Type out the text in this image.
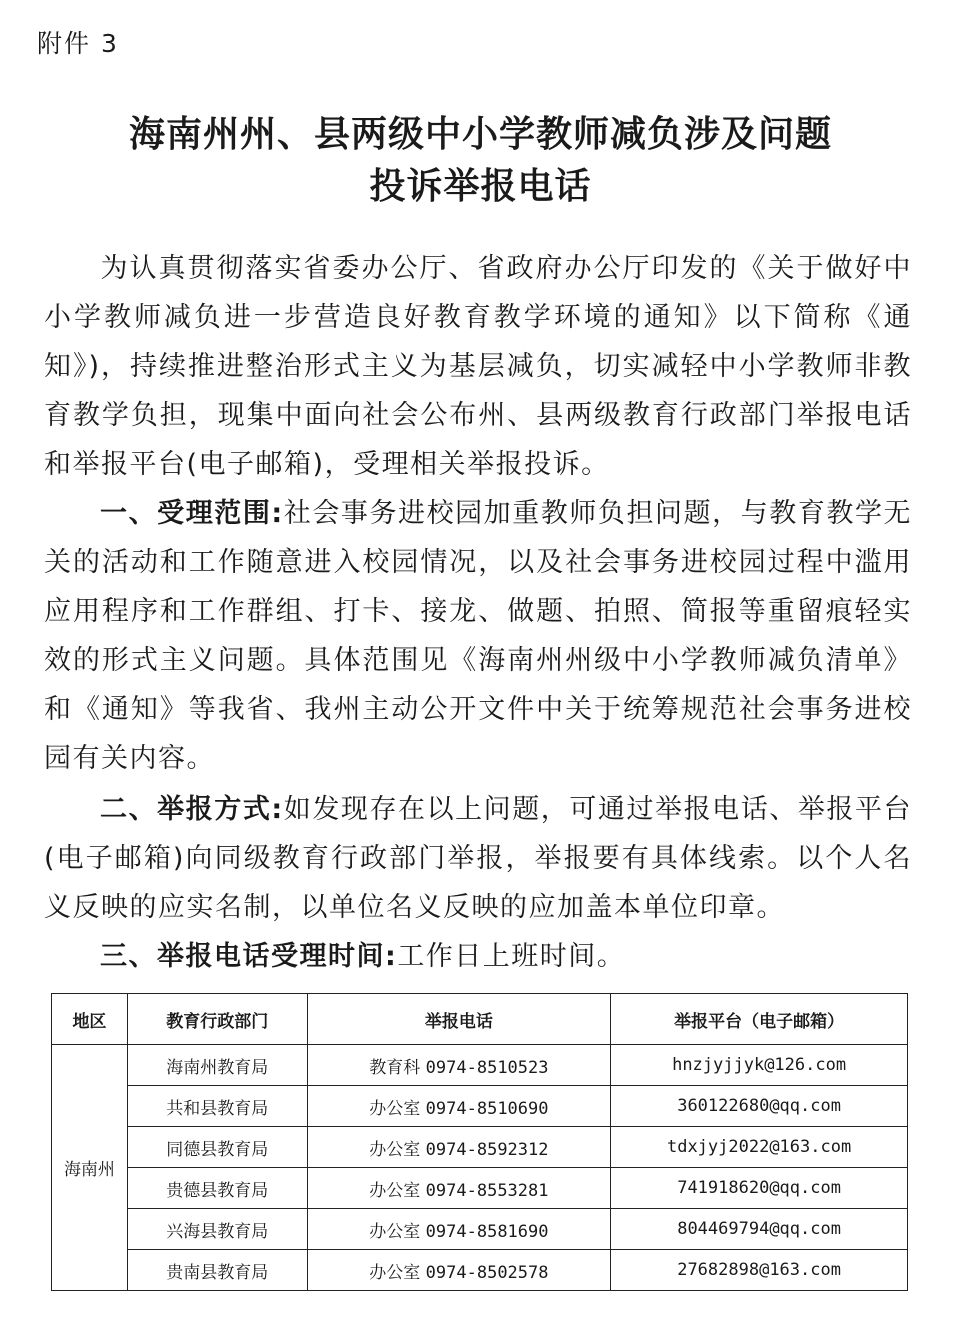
附件 3
海南州州、县两级中小学教师减负涉及问题
投诉举报电话

为认真贯彻落实省委办公厅、省政府办公厅印发的《关于做好中小学教师减负进一步营造良好教育教学环境的通知》以下简称《通知》)，持续推进整治形式主义为基层减负，切实减轻中小学教师非教育教学负担，现集中面向社会公布州、县两级教育行政部门举报电话和举报平台(电子邮箱)，受理相关举报投诉。

一、受理范围:社会事务进校园加重教师负担问题，与教育教学无关的活动和工作随意进入校园情况，以及社会事务进校园过程中滥用应用程序和工作群组、打卡、接龙、做题、拍照、简报等重留痕轻实效的形式主义问题。具体范围见《海南州州级中小学教师减负清单》和《通知》等我省、我州主动公开文件中关于统筹规范社会事务进校园有关内容。

二、举报方式:如发现存在以上问题，可通过举报电话、举报平台(电子邮箱)向同级教育行政部门举报，举报要有具体线索。以个人名义反映的应实名制，以单位名义反映的应加盖本单位印章。

三、举报电话受理时间:工作日上班时间。

地区	教育行政部门	举报电话	举报平台（电子邮箱）
海南州	海南州教育局	教育科 0974-8510523	hnzjyjjyk@126.com
	共和县教育局	办公室 0974-8510690	360122680@qq.com
	同德县教育局	办公室 0974-8592312	tdxjyj2022@163.com
	贵德县教育局	办公室 0974-8553281	741918620@qq.com
	兴海县教育局	办公室 0974-8581690	804469794@qq.com
	贵南县教育局	办公室 0974-8502578	27682898@163.com
